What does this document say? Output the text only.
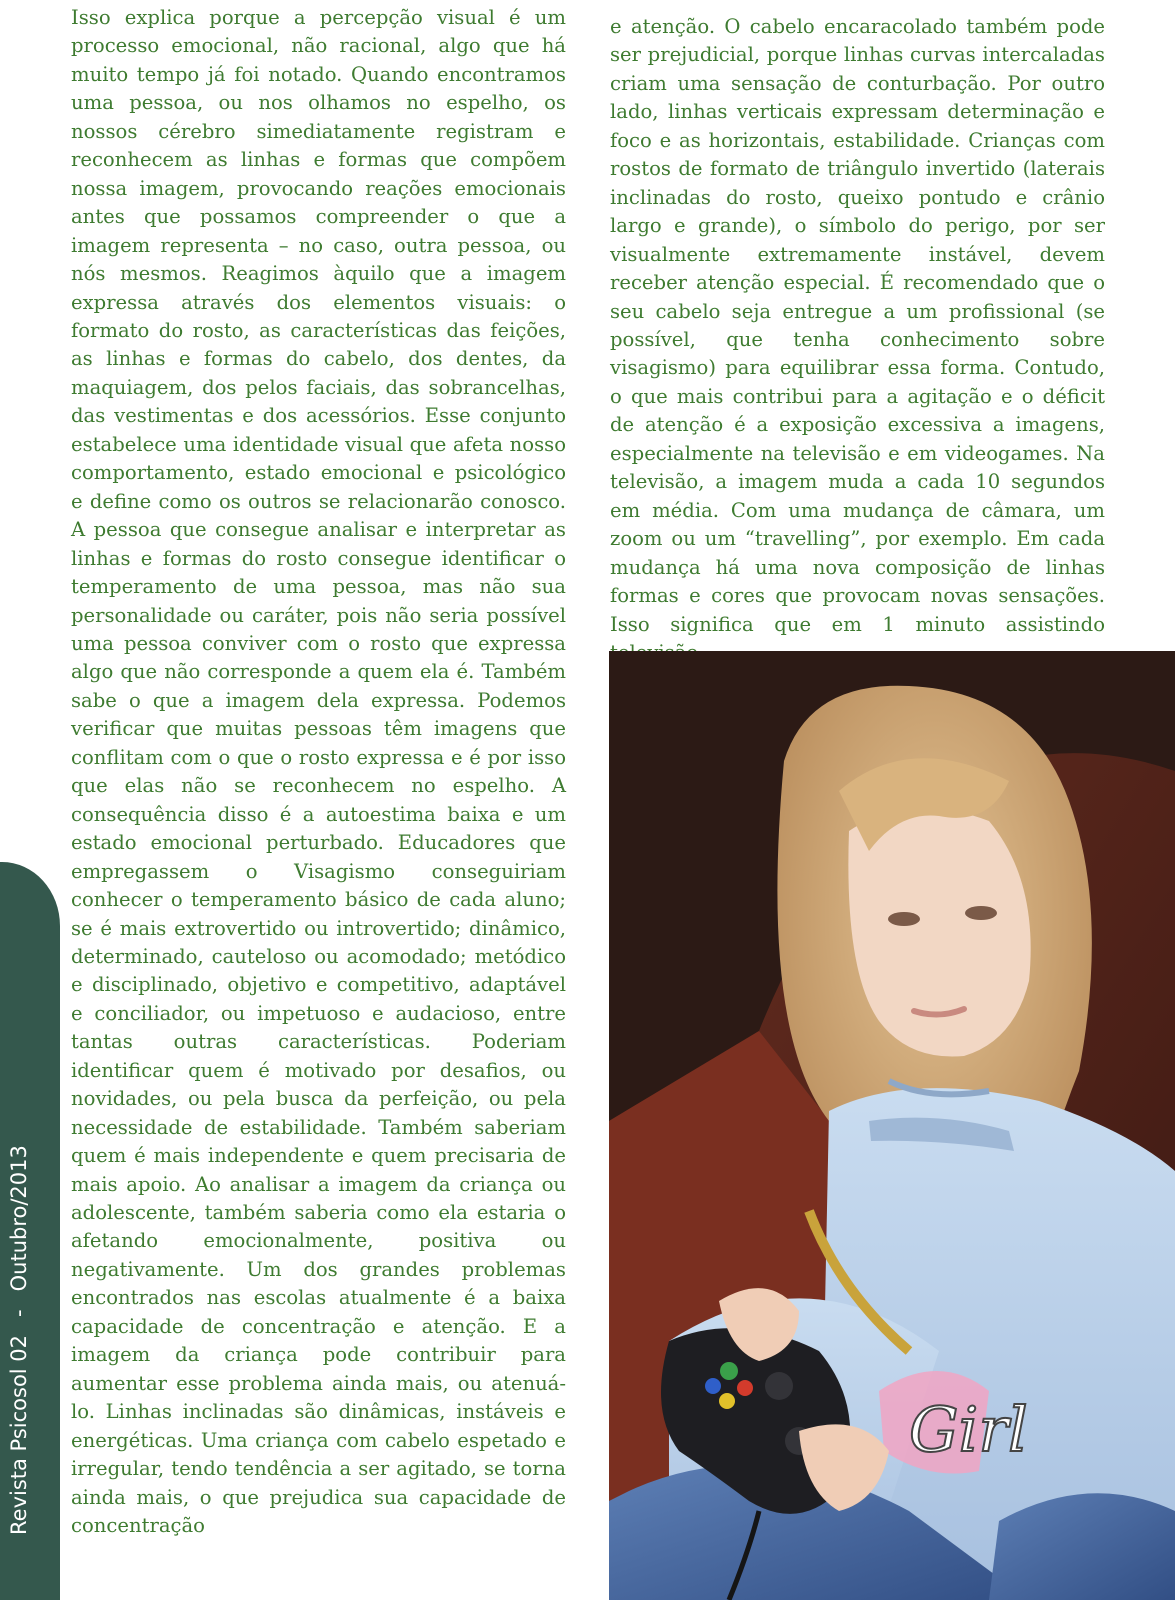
Revista Psicosol 02
-
Outubro/2013

Isso explica porque a percepção visual é um processo emocional, não racional, algo que há muito tempo já foi notado. Quando encontramos uma pessoa, ou nos olhamos no espelho, os nossos cérebro simediatamente registram e reconhecem as linhas e formas que compõem nossa imagem, provocando reações emocionais antes que possamos compreender o que a imagem representa – no caso, outra pessoa, ou nós mesmos. Reagimos àquilo que a imagem expressa através dos elementos visuais: o formato do rosto, as características das feições, as linhas e formas do cabelo, dos dentes, da maquiagem, dos pelos faciais, das sobrancelhas, das vestimentas e dos acessórios. Esse conjunto estabelece uma identidade visual que afeta nosso comportamento, estado emocional e psicológico e define como os outros se relacionarão conosco. A pessoa que consegue analisar e interpretar as linhas e formas do rosto consegue identificar o temperamento de uma pessoa, mas não sua personalidade ou caráter, pois não seria possível uma pessoa conviver com o rosto que expressa algo que não corresponde a quem ela é. Também sabe o que a imagem dela expressa. Podemos verificar que muitas pessoas têm imagens que conflitam com o que o rosto expressa e é por isso que elas não se reconhecem no espelho. A consequência disso é a autoestima baixa e um estado emocional perturbado. Educadores que empregassem o Visagismo conseguiriam conhecer o temperamento básico de cada aluno; se é mais extrovertido ou introvertido; dinâmico, determinado, cauteloso ou acomodado; metódico e disciplinado, objetivo e competitivo, adaptável e conciliador, ou impetuoso e audacioso, entre tantas outras características. Poderiam identificar quem é motivado por desafios, ou novidades, ou pela busca da perfeição, ou pela necessidade de estabilidade. Também saberiam quem é mais independente e quem precisaria de mais apoio. Ao analisar a imagem da criança ou adolescente, também saberia como ela estaria o afetando emocionalmente, positiva ou negativamente. Um dos grandes problemas encontrados nas escolas atualmente é a baixa capacidade de concentração e atenção. E a imagem da criança pode contribuir para aumentar esse problema ainda mais, ou atenuá-lo. Linhas inclinadas são dinâmicas, instáveis e energéticas. Uma criança com cabelo espetado e irregular, tendo tendência a ser agitado, se torna ainda mais, o que prejudica sua capacidade de concentração

e atenção. O cabelo encaracolado também pode ser prejudicial, porque linhas curvas intercaladas criam uma sensação de conturbação. Por outro lado, linhas verticais expressam determinação e foco e as horizontais, estabilidade. Crianças com rostos de formato de triângulo invertido (laterais inclinadas do rosto, queixo pontudo e crânio largo e grande), o símbolo do perigo, por ser visualmente extremamente instável, devem receber atenção especial. É recomendado que o seu cabelo seja entregue a um profissional (se possível, que tenha conhecimento sobre visagismo) para equilibrar essa forma. Contudo, o que mais contribui para a agitação e o déficit de atenção é a exposição excessiva a imagens, especialmente na televisão e em videogames. Na televisão, a imagem muda a cada 10 segundos em média. Com uma mudança de câmara, um zoom ou um “travelling”, por exemplo. Em cada mudança há uma nova composição de linhas formas e cores que provocam novas sensações. Isso significa que em 1 minuto assistindo

Girl
